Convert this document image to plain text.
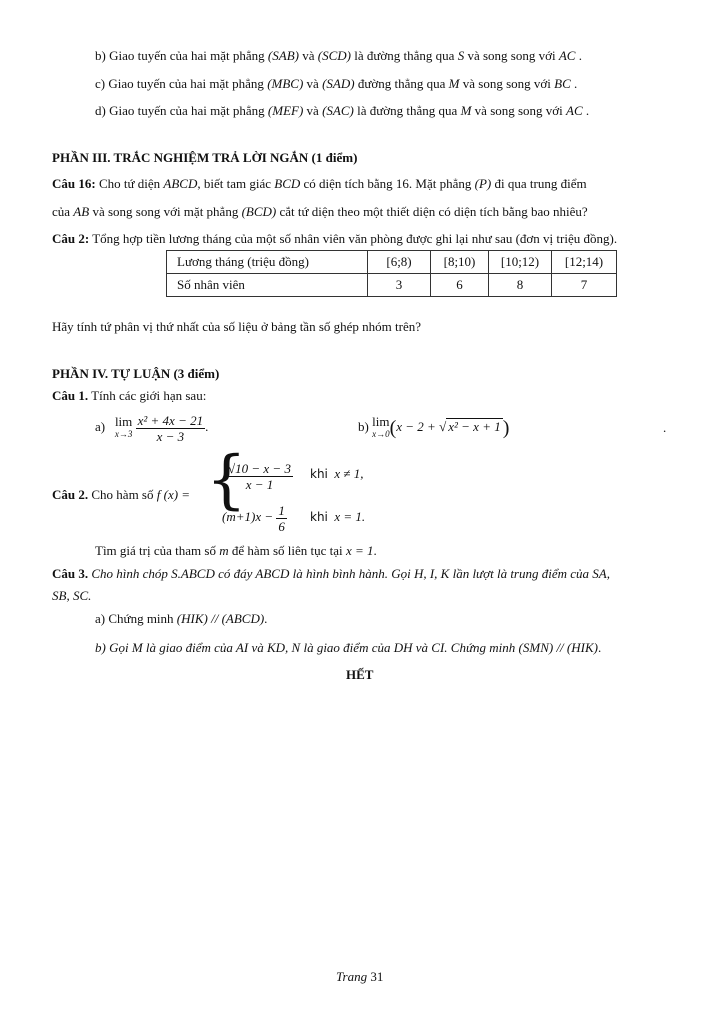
b) Giao tuyến của hai mặt phẳng (SAB) và (SCD) là đường thẳng qua S và song song với AC .
c) Giao tuyến của hai mặt phẳng (MBC) và (SAD) đường thẳng qua M và song song với BC .
d) Giao tuyến của hai mặt phẳng (MEF) và (SAC) là đường thẳng qua M và song song với AC .
PHẦN III. TRẮC NGHIỆM TRẢ LỜI NGẮN (1 điểm)
Câu 16: Cho tứ diện ABCD, biết tam giác BCD có diện tích bằng 16. Mặt phẳng (P) đi qua trung điểm
của AB và song song với mặt phẳng (BCD) cắt tứ diện theo một thiết diện có diện tích bằng bao nhiêu?
Câu 2: Tổng hợp tiền lương tháng của một số nhân viên văn phòng được ghi lại như sau (đơn vị triệu đồng).
Lương tháng (triệu đồng)	[6;8)	[8;10)	[10;12)	[12;14)
Số nhân viên	3	6	8	7
Hãy tính tứ phân vị thứ nhất của số liệu ở bảng tần số ghép nhóm trên?
PHẦN IV. TỰ LUẬN (3 điểm)
Câu 1. Tính các giới hạn sau:
a) lim
x→3
$\frac{\text{x² + 4x − 21}}{x - 3}$ .	b) lim
x→0 (x − 2 + √ x² − x + 1 )	.
Câu 2. Cho hàm số f (x) = {
$\frac{√10 - x - 3}{x - 1}$ khi x ≠ 1,
$(m+1)x - \frac{1}{6}$ khi x = 1.
Tìm giá trị của tham số m để hàm số liên tục tại x = 1.
Câu 3. Cho hình chóp S.ABCD có đáy ABCD là hình bình hành. Gọi H, I, K lần lượt là trung điểm của SA,
SB, SC.
a) Chứng minh (HIK) // (ABCD).
b) Gọi M là giao điểm của AI và KD, N là giao điểm của DH và CI. Chứng minh (SMN) // (HIK).
HẾT
Trang 31
